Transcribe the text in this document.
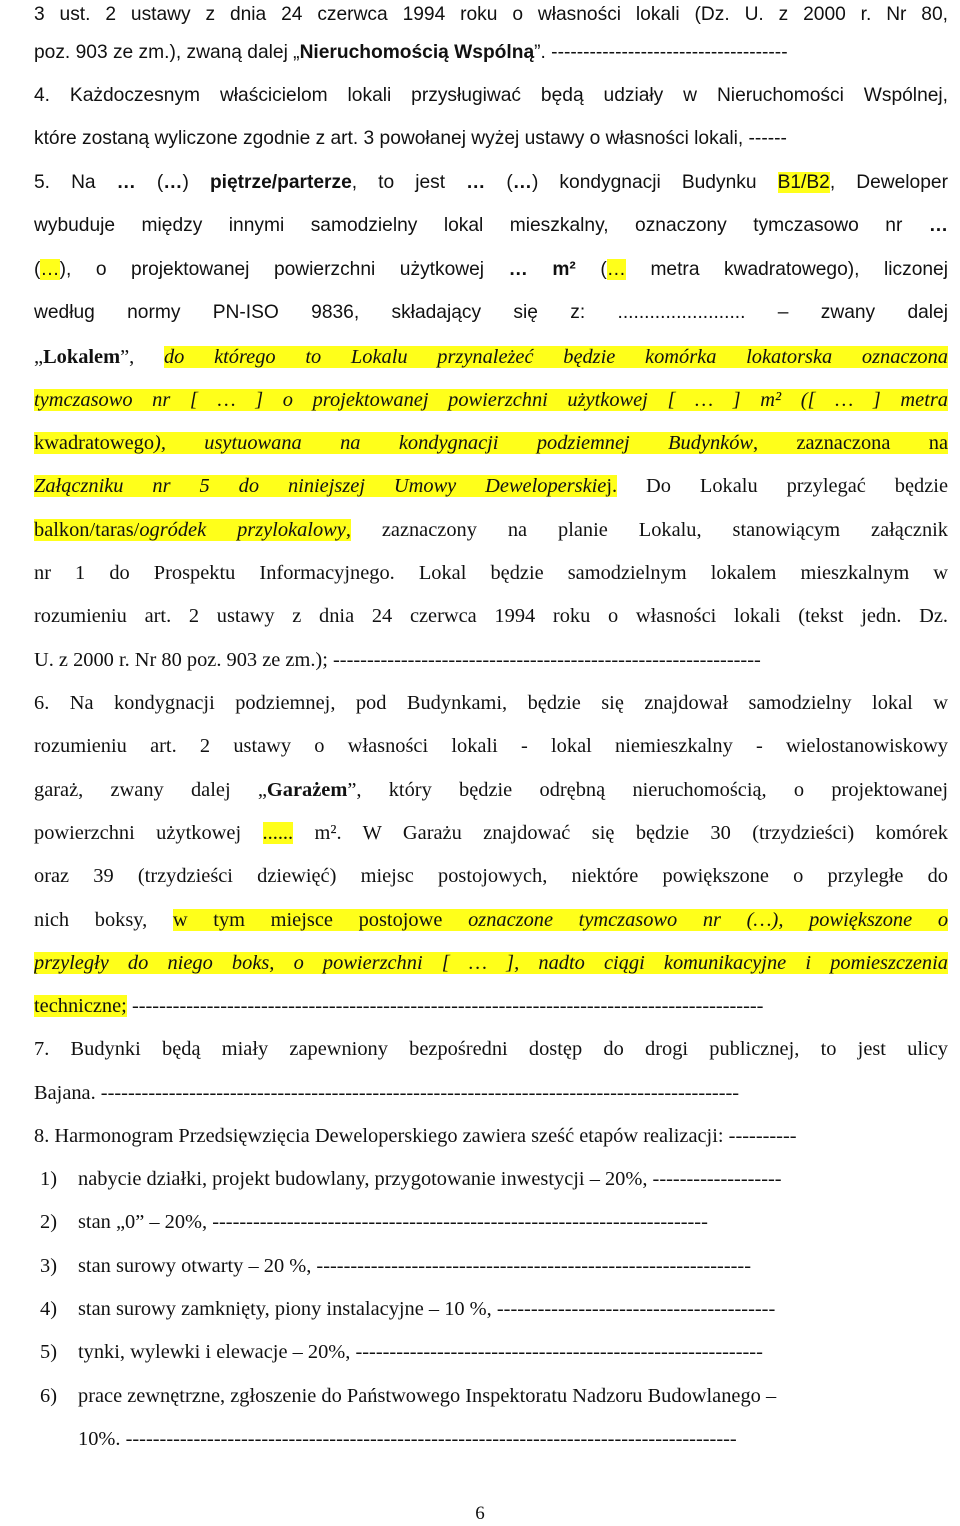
3 ust. 2 ustawy z dnia 24 czerwca 1994 roku o własności lokali (Dz. U. z 2000 r. Nr 80,
poz. 903 ze zm.), zwaną dalej „Nieruchomością Wspólną”. -------------------------------------
4. Każdoczesnym właścicielom lokali przysługiwać będą udziały w Nieruchomości Wspólnej,
które zostaną wyliczone zgodnie z art. 3 powołanej wyżej ustawy o własności lokali, ------
5. Na … (…) piętrze/parterze, to jest … (…) kondygnacji Budynku B1/B2, Deweloper
wybuduje między innymi samodzielny lokal mieszkalny, oznaczony tymczasowo nr …
(…), o projektowanej powierzchni użytkowej … m² (… metra kwadratowego), liczonej
według normy PN-ISO 9836, składający się z: ........................ – zwany dalej
„Lokalem”, do którego to Lokalu przynależeć będzie komórka lokatorska oznaczona
tymczasowo nr [ … ] o projektowanej powierzchni użytkowej [ … ] m² ([ … ] metra
kwadratowego), usytuowana na kondygnacji podziemnej Budynków, zaznaczona na
Załączniku nr 5 do niniejszej Umowy Deweloperskiej. Do Lokalu przylegać będzie
balkon/taras/ogródek przylokalowy, zaznaczony na planie Lokalu, stanowiącym załącznik
nr 1 do Prospektu Informacyjnego. Lokal będzie samodzielnym lokalem mieszkalnym w
rozumieniu art. 2 ustawy z dnia 24 czerwca 1994 roku o własności lokali (tekst jedn. Dz.
U. z 2000 r. Nr 80 poz. 903 ze zm.); ---------------------------------------------------------------
6. Na kondygnacji podziemnej, pod Budynkami, będzie się znajdował samodzielny lokal w
rozumieniu art. 2 ustawy o własności lokali - lokal niemieszkalny - wielostanowiskowy
garaż, zwany dalej „Garażem”, który będzie odrębną nieruchomością, o projektowanej
powierzchni użytkowej ...... m². W Garażu znajdować się będzie 30 (trzydzieści) komórek
oraz 39 (trzydzieści dziewięć) miejsc postojowych, niektóre powiększone o przyległe do
nich boksy, w tym miejsce postojowe oznaczone tymczasowo nr (…), powiększone o
przyległy do niego boks, o powierzchni [ … ], nadto ciągi komunikacyjne i pomieszczenia
techniczne; ---------------------------------------------------------------------------------------------
7. Budynki będą miały zapewniony bezpośredni dostęp do drogi publicznej, to jest ulicy
Bajana. ----------------------------------------------------------------------------------------------
8. Harmonogram Przedsięwzięcia Deweloperskiego zawiera sześć etapów realizacji: ----------
1) nabycie działki, projekt budowlany, przygotowanie inwestycji – 20%, -------------------
2) stan „0” – 20%, -------------------------------------------------------------------------
3) stan surowy otwarty – 20 %, ----------------------------------------------------------------
4) stan surowy zamknięty, piony instalacyjne – 10 %, -----------------------------------------
5) tynki, wylewki i elewacje – 20%, ------------------------------------------------------------
6) prace zewnętrzne, zgłoszenie do Państwowego Inspektoratu Nadzoru Budowlanego –
10%. ------------------------------------------------------------------------------------------
6
